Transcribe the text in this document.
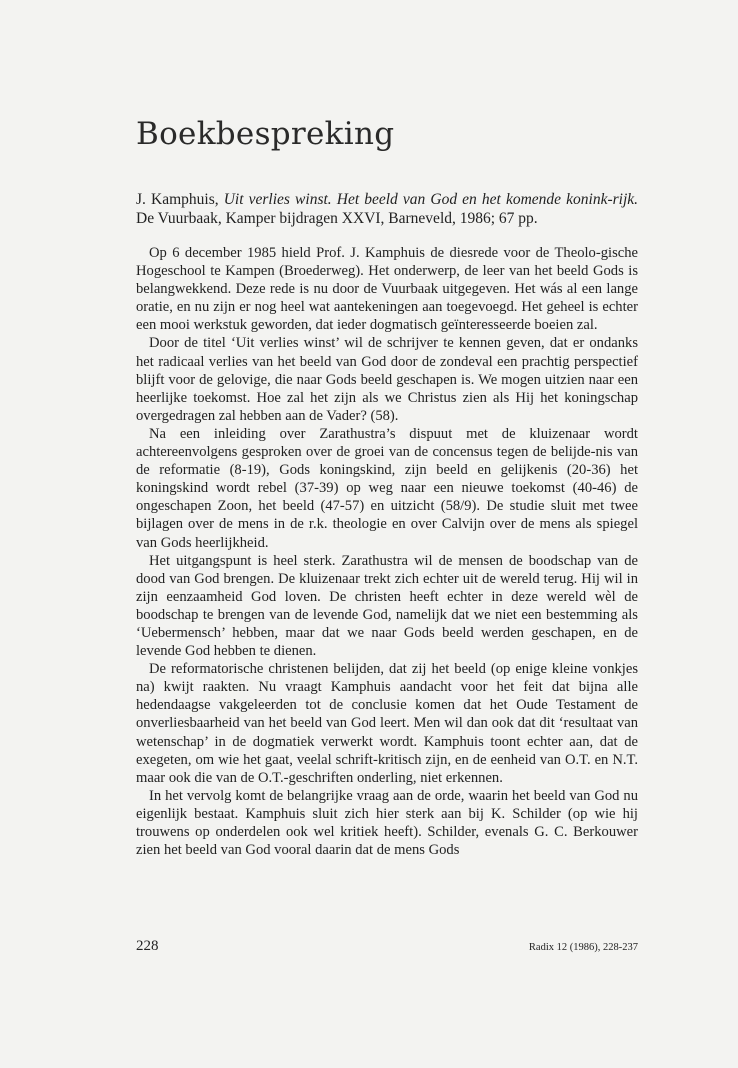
Boekbespreking
J. Kamphuis, Uit verlies winst. Het beeld van God en het komende konink-rijk. De Vuurbaak, Kamper bijdragen XXVI, Barneveld, 1986; 67 pp.

Op 6 december 1985 hield Prof. J. Kamphuis de diesrede voor de Theolo-gische Hogeschool te Kampen (Broederweg). Het onderwerp, de leer van het beeld Gods is belangwekkend. Deze rede is nu door de Vuurbaak uitgegeven. Het wás al een lange oratie, en nu zijn er nog heel wat aantekeningen aan toegevoegd. Het geheel is echter een mooi werkstuk geworden, dat ieder dogmatisch geïnteresseerde boeien zal.

Door de titel ‘Uit verlies winst’ wil de schrijver te kennen geven, dat er ondanks het radicaal verlies van het beeld van God door de zondeval een prachtig perspectief blijft voor de gelovige, die naar Gods beeld geschapen is. We mogen uitzien naar een heerlijke toekomst. Hoe zal het zijn als we Christus zien als Hij het koningschap overgedragen zal hebben aan de Vader? (58).

Na een inleiding over Zarathustra’s dispuut met de kluizenaar wordt achtereenvolgens gesproken over de groei van de concensus tegen de belijde-nis van de reformatie (8-19), Gods koningskind, zijn beeld en gelijkenis (20-36) het koningskind wordt rebel (37-39) op weg naar een nieuwe toekomst (40-46) de ongeschapen Zoon, het beeld (47-57) en uitzicht (58/9). De studie sluit met twee bijlagen over de mens in de r.k. theologie en over Calvijn over de mens als spiegel van Gods heerlijkheid.

Het uitgangspunt is heel sterk. Zarathustra wil de mensen de boodschap van de dood van God brengen. De kluizenaar trekt zich echter uit de wereld terug. Hij wil in zijn eenzaamheid God loven. De christen heeft echter in deze wereld wèl de boodschap te brengen van de levende God, namelijk dat we niet een bestemming als ‘Uebermensch’ hebben, maar dat we naar Gods beeld werden geschapen, en de levende God hebben te dienen.

De reformatorische christenen belijden, dat zij het beeld (op enige kleine vonkjes na) kwijt raakten. Nu vraagt Kamphuis aandacht voor het feit dat bijna alle hedendaagse vakgeleerden tot de conclusie komen dat het Oude Testament de onverliesbaarheid van het beeld van God leert. Men wil dan ook dat dit ‘resultaat van wetenschap’ in de dogmatiek verwerkt wordt. Kamphuis toont echter aan, dat de exegeten, om wie het gaat, veelal schrift-kritisch zijn, en de eenheid van O.T. en N.T. maar ook die van de O.T.-geschriften onderling, niet erkennen.

In het vervolg komt de belangrijke vraag aan de orde, waarin het beeld van God nu eigenlijk bestaat. Kamphuis sluit zich hier sterk aan bij K. Schilder (op wie hij trouwens op onderdelen ook wel kritiek heeft). Schilder, evenals G. C. Berkouwer zien het beeld van God vooral daarin dat de mens Gods

228	Radix 12 (1986), 228-237
